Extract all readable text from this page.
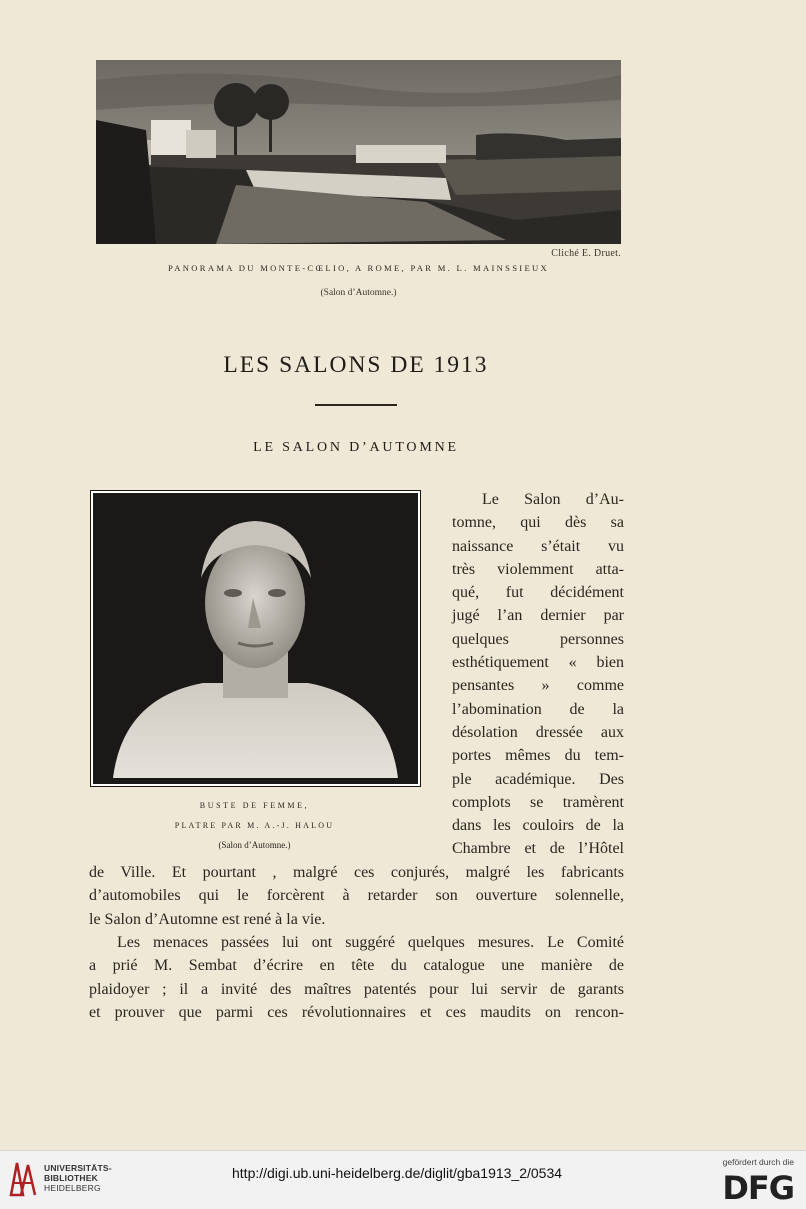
Cliché E. Druet.
PANORAMA DU MONTE-CŒLIO, A ROME, PAR M. L. MAINSSIEUX
(Salon d’Automne.)
LES SALONS DE 1913
LE SALON D’AUTOMNE
BUSTE DE FEMME,
PLATRE PAR M. A.-J. HALOU
(Salon d’Automne.)
Le Salon d’Au-
tomne, qui dès sa
naissance s’était vu
très violemment atta-
qué, fut décidément
jugé l’an dernier par
quelques personnes
esthétiquement « bien
pensantes » comme
l’abomination de la
désolation dressée aux
portes mêmes du tem-
ple académique. Des
complots se tramèrent
dans les couloirs de la
Chambre et de l’Hôtel
de Ville. Et pourtant , malgré ces conjurés, malgré les fabricants
d’automobiles qui le forcèrent à retarder son ouverture solennelle,
le Salon d’Automne est rené à la vie.
Les menaces passées lui ont suggéré quelques mesures. Le Comité
a prié M. Sembat d’écrire en tête du catalogue une manière de
plaidoyer ; il a invité des maîtres patentés pour lui servir de garants
et prouver que parmi ces révolutionnaires et ces maudits on rencon-
UNIVERSITÄTS-
BIBLIOTHEK
HEIDELBERG
http://digi.ub.uni-heidelberg.de/diglit/gba1913_2/0534
gefördert durch die
DFG
